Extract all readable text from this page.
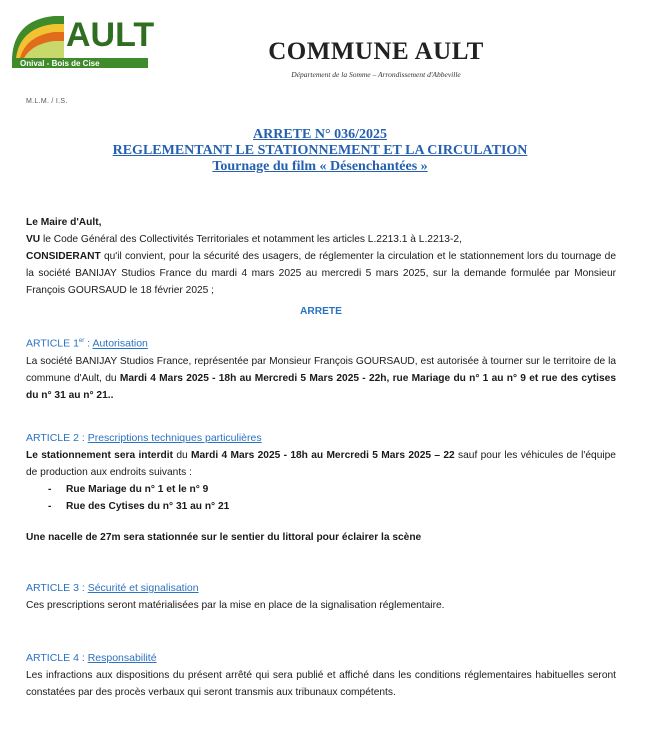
AULT
Onival - Bois de Cise
M.L.M. / I.S.
COMMUNE AULT
Département de la Somme – Arrondissement d'Abbeville
ARRETE N° 036/2025
REGLEMENTANT LE STATIONNEMENT ET LA CIRCULATION
Tournage du film « Désenchantées »
Le Maire d'Ault,
VU le Code Général des Collectivités Territoriales et notamment les articles L.2213.1 à L.2213-2,
CONSIDERANT qu'il convient, pour la sécurité des usagers, de réglementer la circulation et le stationnement lors du tournage de la société BANIJAY Studios France du mardi 4 mars 2025 au mercredi 5 mars 2025, sur la demande formulée par Monsieur François GOURSAUD le 18 février 2025 ;
ARRETE
ARTICLE 1er : Autorisation
La société BANIJAY Studios France, représentée par Monsieur François GOURSAUD, est autorisée à tourner sur le territoire de la commune d'Ault, du Mardi 4 Mars 2025 - 18h au Mercredi 5 Mars 2025 - 22h, rue Mariage du n° 1 au n° 9 et rue des cytises du n° 31 au n° 21..
ARTICLE 2 : Prescriptions techniques particulières
Le stationnement sera interdit du Mardi 4 Mars 2025 - 18h au Mercredi 5 Mars 2025 – 22 sauf pour les véhicules de l'équipe de production aux endroits suivants :
- Rue Mariage du n° 1 et le n° 9
- Rue des Cytises du n° 31 au n° 21
Une nacelle de 27m sera stationnée sur le sentier du littoral pour éclairer la scène
ARTICLE 3 : Sécurité et signalisation
Ces prescriptions seront matérialisées par la mise en place de la signalisation réglementaire.
ARTICLE 4 : Responsabilité
Les infractions aux dispositions du présent arrêté qui sera publié et affiché dans les conditions réglementaires habituelles seront constatées par des procès verbaux qui seront transmis aux tribunaux compétents.
